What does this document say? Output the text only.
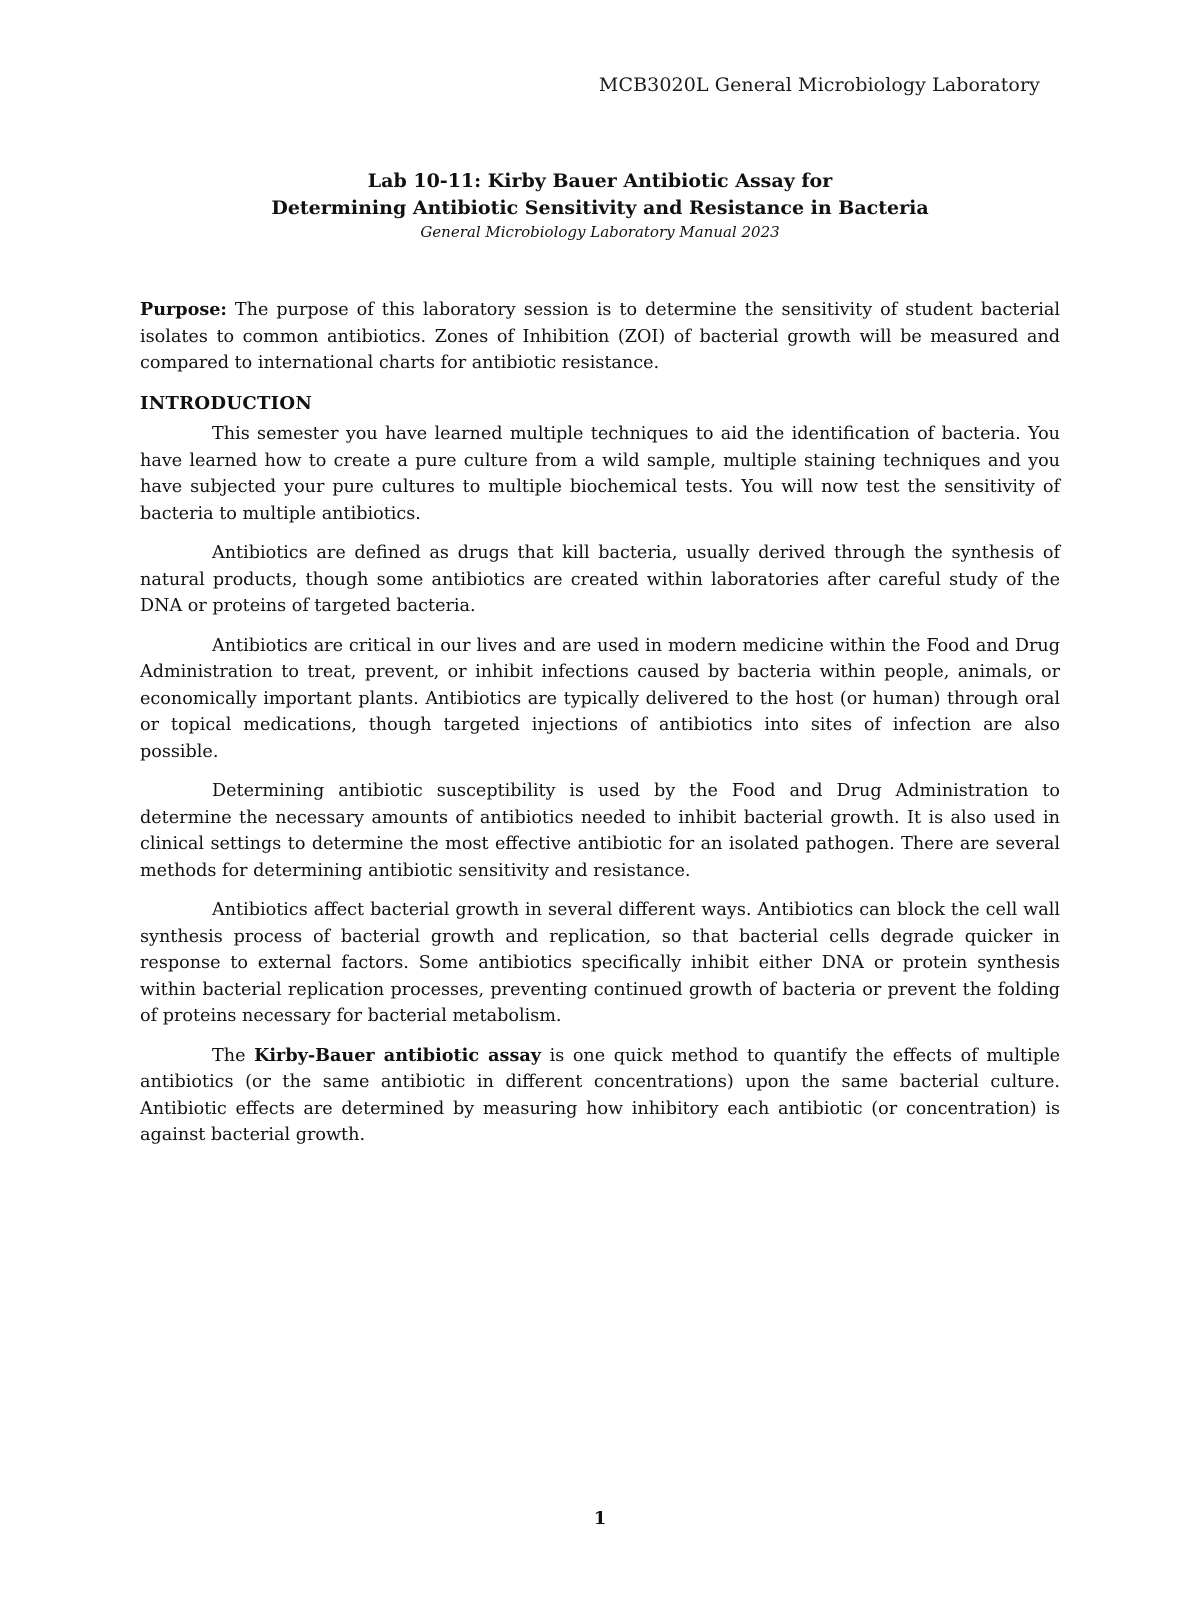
MCB3020L General Microbiology Laboratory
Lab 10-11: Kirby Bauer Antibiotic Assay for
Determining Antibiotic Sensitivity and Resistance in Bacteria
General Microbiology Laboratory Manual 2023

Purpose: The purpose of this laboratory session is to determine the sensitivity of student bacterial isolates to common antibiotics. Zones of Inhibition (ZOI) of bacterial growth will be measured and compared to international charts for antibiotic resistance.

INTRODUCTION

This semester you have learned multiple techniques to aid the identification of bacteria. You have learned how to create a pure culture from a wild sample, multiple staining techniques and you have subjected your pure cultures to multiple biochemical tests. You will now test the sensitivity of bacteria to multiple antibiotics.

Antibiotics are defined as drugs that kill bacteria, usually derived through the synthesis of natural products, though some antibiotics are created within laboratories after careful study of the DNA or proteins of targeted bacteria.

Antibiotics are critical in our lives and are used in modern medicine within the Food and Drug Administration to treat, prevent, or inhibit infections caused by bacteria within people, animals, or economically important plants. Antibiotics are typically delivered to the host (or human) through oral or topical medications, though targeted injections of antibiotics into sites of infection are also possible.

Determining antibiotic susceptibility is used by the Food and Drug Administration to determine the necessary amounts of antibiotics needed to inhibit bacterial growth. It is also used in clinical settings to determine the most effective antibiotic for an isolated pathogen. There are several methods for determining antibiotic sensitivity and resistance.

Antibiotics affect bacterial growth in several different ways. Antibiotics can block the cell wall synthesis process of bacterial growth and replication, so that bacterial cells degrade quicker in response to external factors. Some antibiotics specifically inhibit either DNA or protein synthesis within bacterial replication processes, preventing continued growth of bacteria or prevent the folding of proteins necessary for bacterial metabolism.

The Kirby-Bauer antibiotic assay is one quick method to quantify the effects of multiple antibiotics (or the same antibiotic in different concentrations) upon the same bacterial culture. Antibiotic effects are determined by measuring how inhibitory each antibiotic (or concentration) is against bacterial growth.

1
